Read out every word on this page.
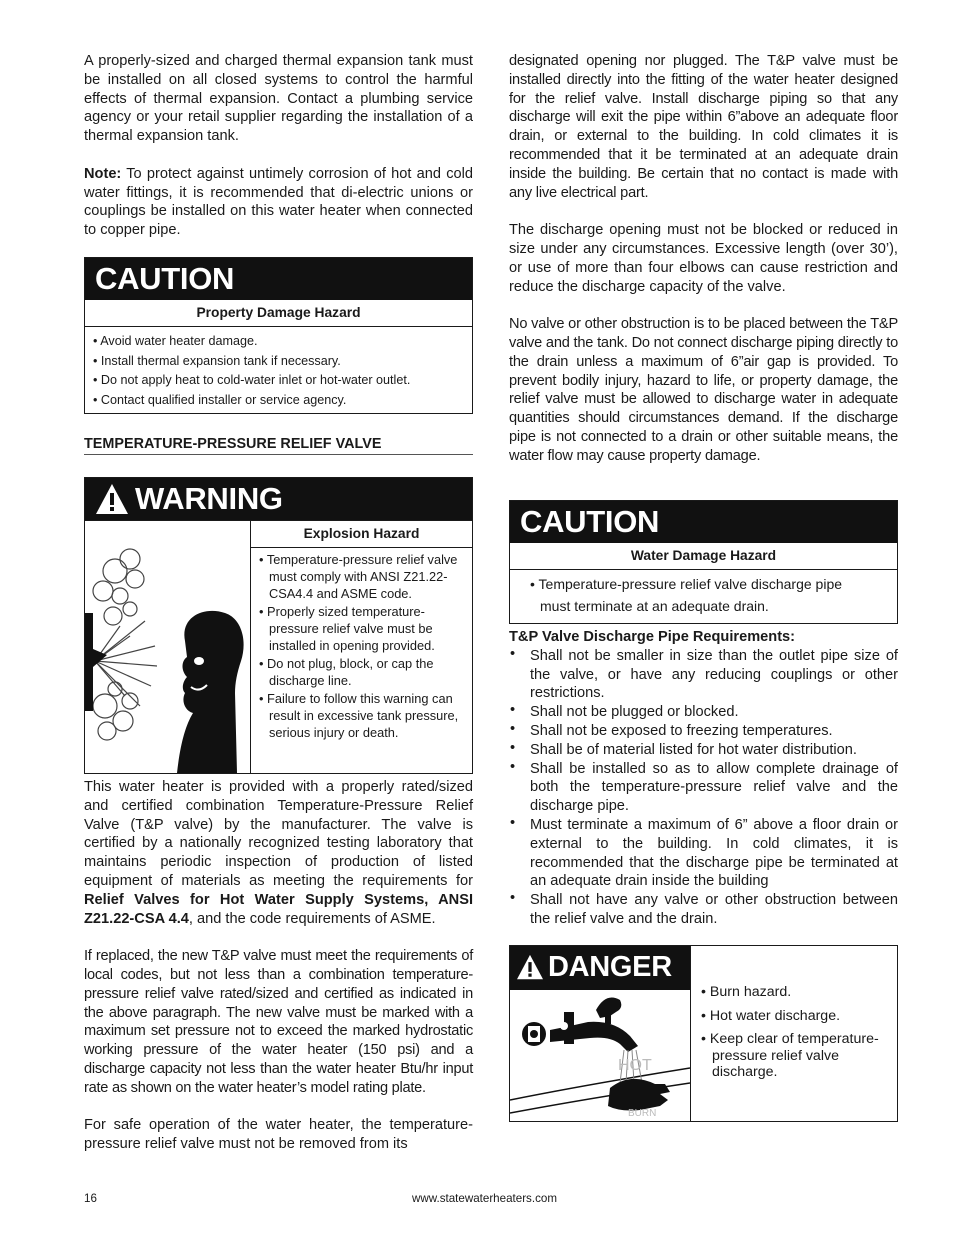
A properly-sized and charged thermal expansion tank must be installed on all closed systems to control the harmful effects of thermal expansion. Contact a plumbing service agency or your retail supplier regarding the installation of a thermal expansion tank.

Note: To protect against untimely corrosion of hot and cold water fittings, it is recommended that di-electric unions or couplings be installed on this water heater when connected to copper pipe.

CAUTION
Property Damage Hazard
• Avoid water heater damage.
• Install thermal expansion tank if necessary.
• Do not apply heat to cold-water inlet or hot-water outlet.
• Contact qualified installer or service agency.
TEMPERATURE-PRESSURE RELIEF VALVE
WARNING
Explosion Hazard
• Temperature-pressure relief valve must comply with ANSI Z21.22-CSA4.4 and ASME code.
• Properly sized temperature-pressure relief valve must be installed in opening provided.
• Do not plug, block, or cap the discharge line.
• Failure to follow this warning can result in excessive tank pressure, serious injury or death.

This water heater is provided with a properly rated/sized and certified combination Temperature-Pressure Relief Valve (T&P valve) by the manufacturer. The valve is certified by a nationally recognized testing laboratory that maintains periodic inspection of production of listed equipment of materials as meeting the requirements for Relief Valves for Hot Water Supply Systems, ANSI Z21.22-CSA 4.4, and the code requirements of ASME.

If replaced, the new T&P valve must meet the requirements of local codes, but not less than a combination temperature-pressure relief valve rated/sized and certified as indicated in the above paragraph. The new valve must be marked with a maximum set pressure not to exceed the marked hydrostatic working pressure of the water heater (150 psi) and a discharge capacity not less than the water heater Btu/hr input rate as shown on the water heater’s model rating plate.

For safe operation of the water heater, the temperature-pressure relief valve must not be removed from its

designated opening nor plugged. The T&P valve must be installed directly into the fitting of the water heater designed for the relief valve. Install discharge piping so that any discharge will exit the pipe within 6”above an adequate floor drain, or external to the building. In cold climates it is recommended that it be terminated at an adequate drain inside the building. Be certain that no contact is made with any live electrical part.

The discharge opening must not be blocked or reduced in size under any circumstances. Excessive length (over 30’), or use of more than four elbows can cause restriction and reduce the discharge capacity of the valve.

No valve or other obstruction is to be placed between the T&P valve and the tank. Do not connect discharge piping directly to the drain unless a maximum of 6”air gap is provided. To prevent bodily injury, hazard to life, or property damage, the relief valve must be allowed to discharge water in adequate quantities should circumstances demand. If the discharge pipe is not connected to a drain or other suitable means, the water flow may cause property damage.

CAUTION
Water Damage Hazard
• Temperature-pressure relief valve discharge pipe
must terminate at an adequate drain.

T&P Valve Discharge Pipe Requirements:

• Shall not be smaller in size than the outlet pipe size of the valve, or have any reducing couplings or other restrictions.
• Shall not be plugged or blocked.
• Shall not be exposed to freezing temperatures.
• Shall be of material listed for hot water distribution.
• Shall be installed so as to allow complete drainage of both the temperature-pressure relief valve and the discharge pipe.
• Must terminate a maximum of 6” above a floor drain or external to the building. In cold climates, it is recommended that the discharge pipe be terminated at an adequate drain inside the building
• Shall not have any valve or other obstruction between the relief valve and the drain.
DANGER
HOT
BURN
• Burn hazard.
• Hot water discharge.
• Keep clear of temperature-pressure relief valve discharge.
16	www.statewaterheaters.com
